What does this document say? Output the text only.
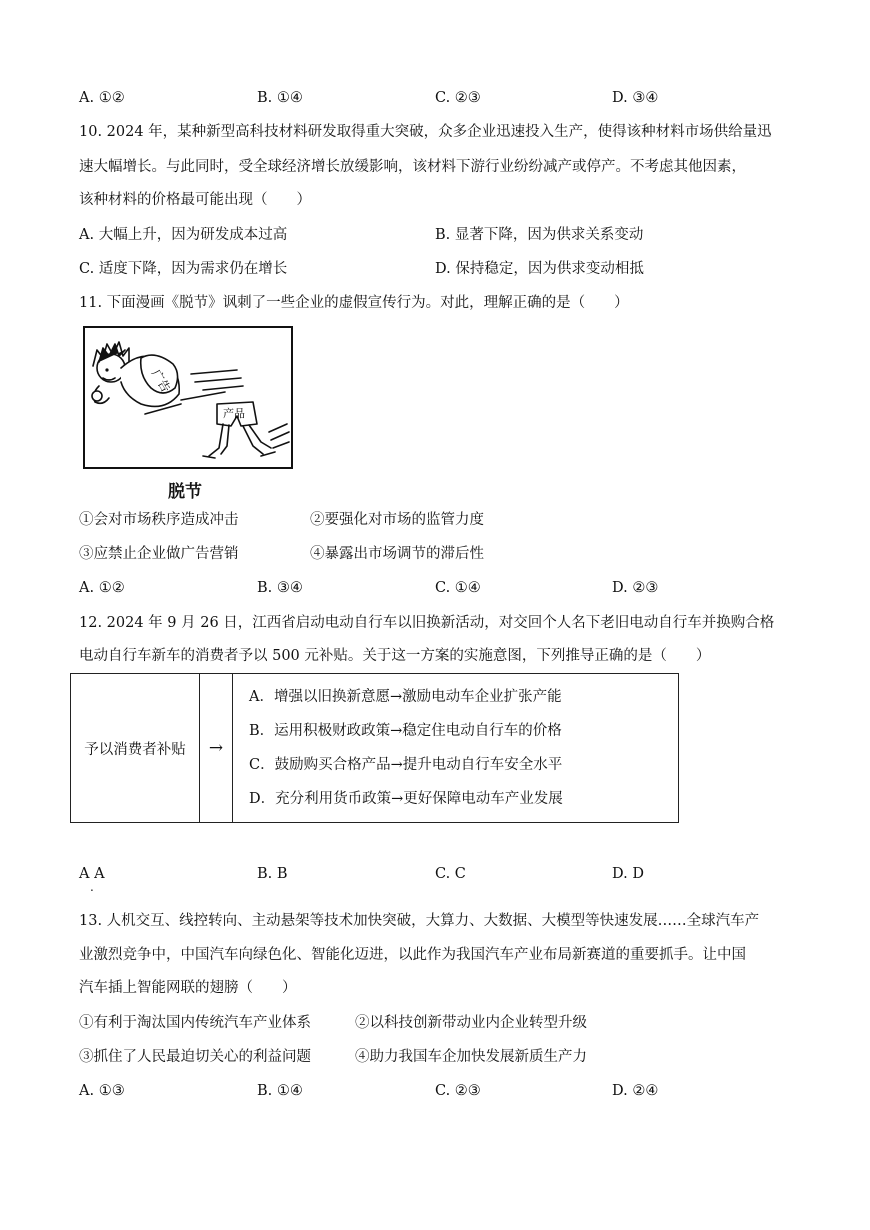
A. ①②	B. ①④	C. ②③	D. ③④
10. 2024 年，某种新型高科技材料研发取得重大突破，众多企业迅速投入生产，使得该种材料市场供给量迅
速大幅增长。与此同时，受全球经济增长放缓影响，该材料下游行业纷纷减产或停产。不考虑其他因素，
该种材料的价格最可能出现（　　）
A. 大幅上升，因为研发成本过高	B. 显著下降，因为供求关系变动
C. 适度下降，因为需求仍在增长	D. 保持稳定，因为供求变动相抵
11. 下面漫画《脱节》讽刺了一些企业的虚假宣传行为。对此，理解正确的是（　　）
广告
产品
脱节
①会对市场秩序造成冲击	②要强化对市场的监管力度
③应禁止企业做广告营销	④暴露出市场调节的滞后性
A. ①②	B. ③④	C. ①④	D. ②③
12. 2024 年 9 月 26 日，江西省启动电动自行车以旧换新活动，对交回个人名下老旧电动自行车并换购合格
电动自行车新车的消费者予以 500 元补贴。关于这一方案的实施意图，下列推导正确的是（　　）
予以消费者补贴	→	
A．增强以旧换新意愿→激励电动车企业扩张产能
B．运用积极财政政策→稳定住电动自行车的价格
C．鼓励购买合格产品→提升电动自行车安全水平
D．充分利用货币政策→更好保障电动车产业发展
A A	B. B	C. C	D. D
.
13. 人机交互、线控转向、主动悬架等技术加快突破，大算力、大数据、大模型等快速发展……全球汽车产
业激烈竞争中，中国汽车向绿色化、智能化迈进，以此作为我国汽车产业布局新赛道的重要抓手。让中国
汽车插上智能网联的翅膀（　　）
①有利于淘汰国内传统汽车产业体系	②以科技创新带动业内企业转型升级
③抓住了人民最迫切关心的利益问题	④助力我国车企加快发展新质生产力
A. ①③	B. ①④	C. ②③	D. ②④
